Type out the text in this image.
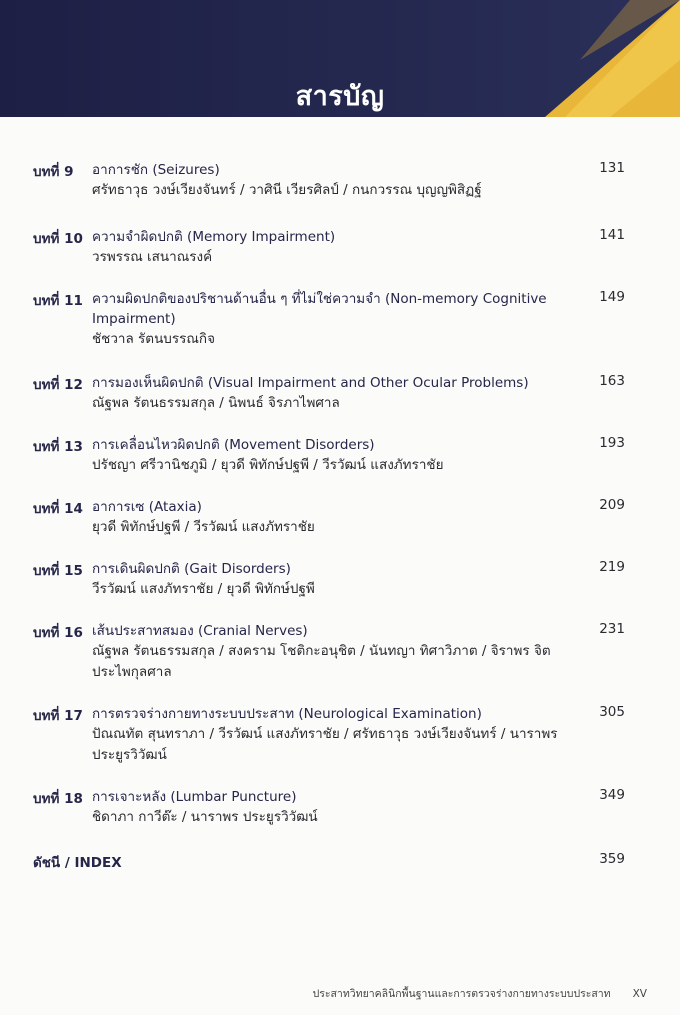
สารบัญ
บทที่ 9 อาการชัก (Seizures)
ศรัทธาวุธ วงษ์เวียงจันทร์ / วาศินี เวียรศิลป์ / กนกวรรณ บุญญพิสิฏฐ์
131
บทที่ 10 ความจำผิดปกติ (Memory Impairment)
วรพรรณ เสนาณรงค์
141
บทที่ 11 ความผิดปกติของปริชานด้านอื่น ๆ ที่ไม่ใช่ความจำ (Non-memory Cognitive Impairment)
ชัชวาล รัตนบรรณกิจ
149
บทที่ 12 การมองเห็นผิดปกติ (Visual Impairment and Other Ocular Problems)
ณัฐพล รัตนธรรมสกุล / นิพนธ์ จิรภาไพศาล
163
บทที่ 13 การเคลื่อนไหวผิดปกติ (Movement Disorders)
ปรัชญา ศรีวานิชภูมิ / ยุวดี พิทักษ์ปฐพี / วีรวัฒน์ แสงภัทราชัย
193
บทที่ 14 อาการเซ (Ataxia)
ยุวดี พิทักษ์ปฐพี / วีรวัฒน์ แสงภัทราชัย
209
บทที่ 15 การเดินผิดปกติ (Gait Disorders)
วีรวัฒน์ แสงภัทราชัย / ยุวดี พิทักษ์ปฐพี
219
บทที่ 16 เส้นประสาทสมอง (Cranial Nerves)
ณัฐพล รัตนธรรมสกุล / สงคราม โชติกะอนุชิต / นันทญา ทิศาวิภาต / จิราพร จิตประไพกุลศาล
231
บทที่ 17 การตรวจร่างกายทางระบบประสาท (Neurological Examination)
ปัณณทัต สุนทราภา / วีรวัฒน์ แสงภัทราชัย / ศรัทธาวุธ วงษ์เวียงจันทร์ / นาราพร ประยูรวิวัฒน์
305
บทที่ 18 การเจาะหลัง (Lumbar Puncture)
ชิดาภา กาวีต๊ะ / นาราพร ประยูรวิวัฒน์
349
ดัชนี / INDEX	359
ประสาทวิทยาคลินิกพื้นฐานและการตรวจร่างกายทางระบบประสาท XV
